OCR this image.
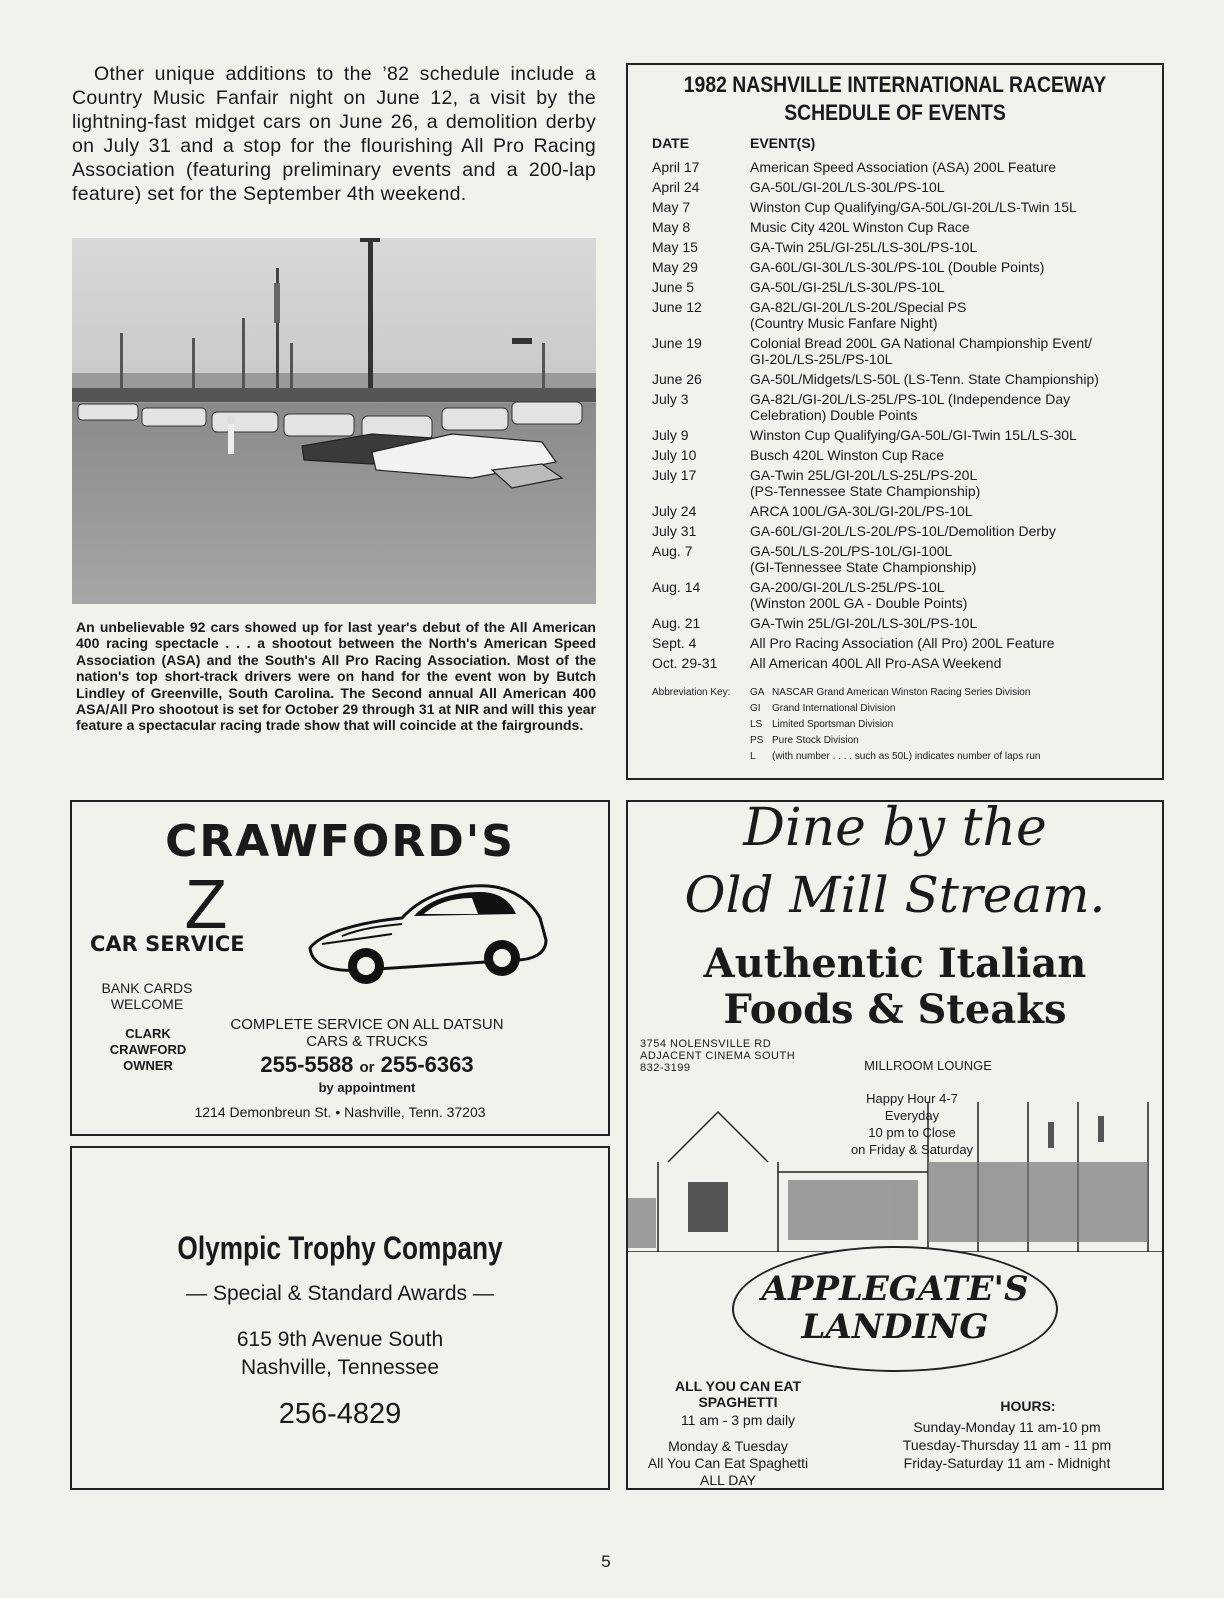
Other unique additions to the ’82 schedule include a Country Music Fanfair night on June 12, a visit by the lightning-fast midget cars on June 26, a demolition derby on July 31 and a stop for the flourishing All Pro Racing Association (featuring preliminary events and a 200-lap feature) set for the September 4th weekend.
An unbelievable 92 cars showed up for last year's debut of the All American 400 racing spectacle . . . a shootout between the North's American Speed Association (ASA) and the South's All Pro Racing Association. Most of the nation's top short-track drivers were on hand for the event won by Butch Lindley of Greenville, South Carolina. The Second annual All American 400 ASA/All Pro shootout is set for October 29 through 31 at NIR and will this year feature a spectacular racing trade show that will coincide at the fairgrounds.
1982 NASHVILLE INTERNATIONAL RACEWAY
SCHEDULE OF EVENTS
DATE	EVENT(S)
April 17	American Speed Association (ASA) 200L Feature
April 24	GA-50L/GI-20L/LS-30L/PS-10L
May 7	Winston Cup Qualifying/GA-50L/GI-20L/LS-Twin 15L
May 8	Music City 420L Winston Cup Race
May 15	GA-Twin 25L/GI-25L/LS-30L/PS-10L
May 29	GA-60L/GI-30L/LS-30L/PS-10L (Double Points)
June 5	GA-50L/GI-25L/LS-30L/PS-10L
June 12	GA-82L/GI-20L/LS-20L/Special PS
(Country Music Fanfare Night)
June 19	Colonial Bread 200L GA National Championship Event/
GI-20L/LS-25L/PS-10L
June 26	GA-50L/Midgets/LS-50L (LS-Tenn. State Championship)
July 3	GA-82L/GI-20L/LS-25L/PS-10L (Independence Day
Celebration) Double Points
July 9	Winston Cup Qualifying/GA-50L/GI-Twin 15L/LS-30L
July 10	Busch 420L Winston Cup Race
July 17	GA-Twin 25L/GI-20L/LS-25L/PS-20L
(PS-Tennessee State Championship)
July 24	ARCA 100L/GA-30L/GI-20L/PS-10L
July 31	GA-60L/GI-20L/LS-20L/PS-10L/Demolition Derby
Aug. 7	GA-50L/LS-20L/PS-10L/GI-100L
(GI-Tennessee State Championship)
Aug. 14	GA-200/GI-20L/LS-25L/PS-10L
(Winston 200L GA - Double Points)
Aug. 21	GA-Twin 25L/GI-20L/LS-30L/PS-10L
Sept. 4	All Pro Racing Association (All Pro) 200L Feature
Oct. 29-31	All American 400L All Pro-ASA Weekend
Abbreviation Key: GA NASCAR Grand American Winston Racing Series Division
GI	Grand International Division
LS Limited Sportsman Division
PS Pure Stock Division
L	(with number . . . . such as 50L) indicates number of laps run
CRAWFORD'S
Z
CAR SERVICE
BANK CARDS WELCOME
CLARK CRAWFORD OWNER
COMPLETE SERVICE ON ALL DATSUN CARS & TRUCKS
255-5588 or 255-6363
by appointment
1214 Demonbreun St. • Nashville, Tenn. 37203
Olympic Trophy Company
— Special & Standard Awards —
615 9th Avenue South
Nashville, Tennessee
256-4829
Dine by the
Old Mill Stream.
Authentic Italian
Foods & Steaks
3754 NOLENSVILLE RD
ADJACENT CINEMA SOUTH
832-3199	MILLROOM LOUNGE
Happy Hour 4-7
Everyday
10 pm to Close
on Friday & Saturday
APPLEGATE'S
LANDING
ALL YOU CAN EAT
SPAGHETTI
11 am - 3 pm daily
Monday & Tuesday
All You Can Eat Spaghetti
ALL DAY
HOURS:
Sunday-Monday 11 am-10 pm
Tuesday-Thursday 11 am - 11 pm
Friday-Saturday 11 am - Midnight
5
